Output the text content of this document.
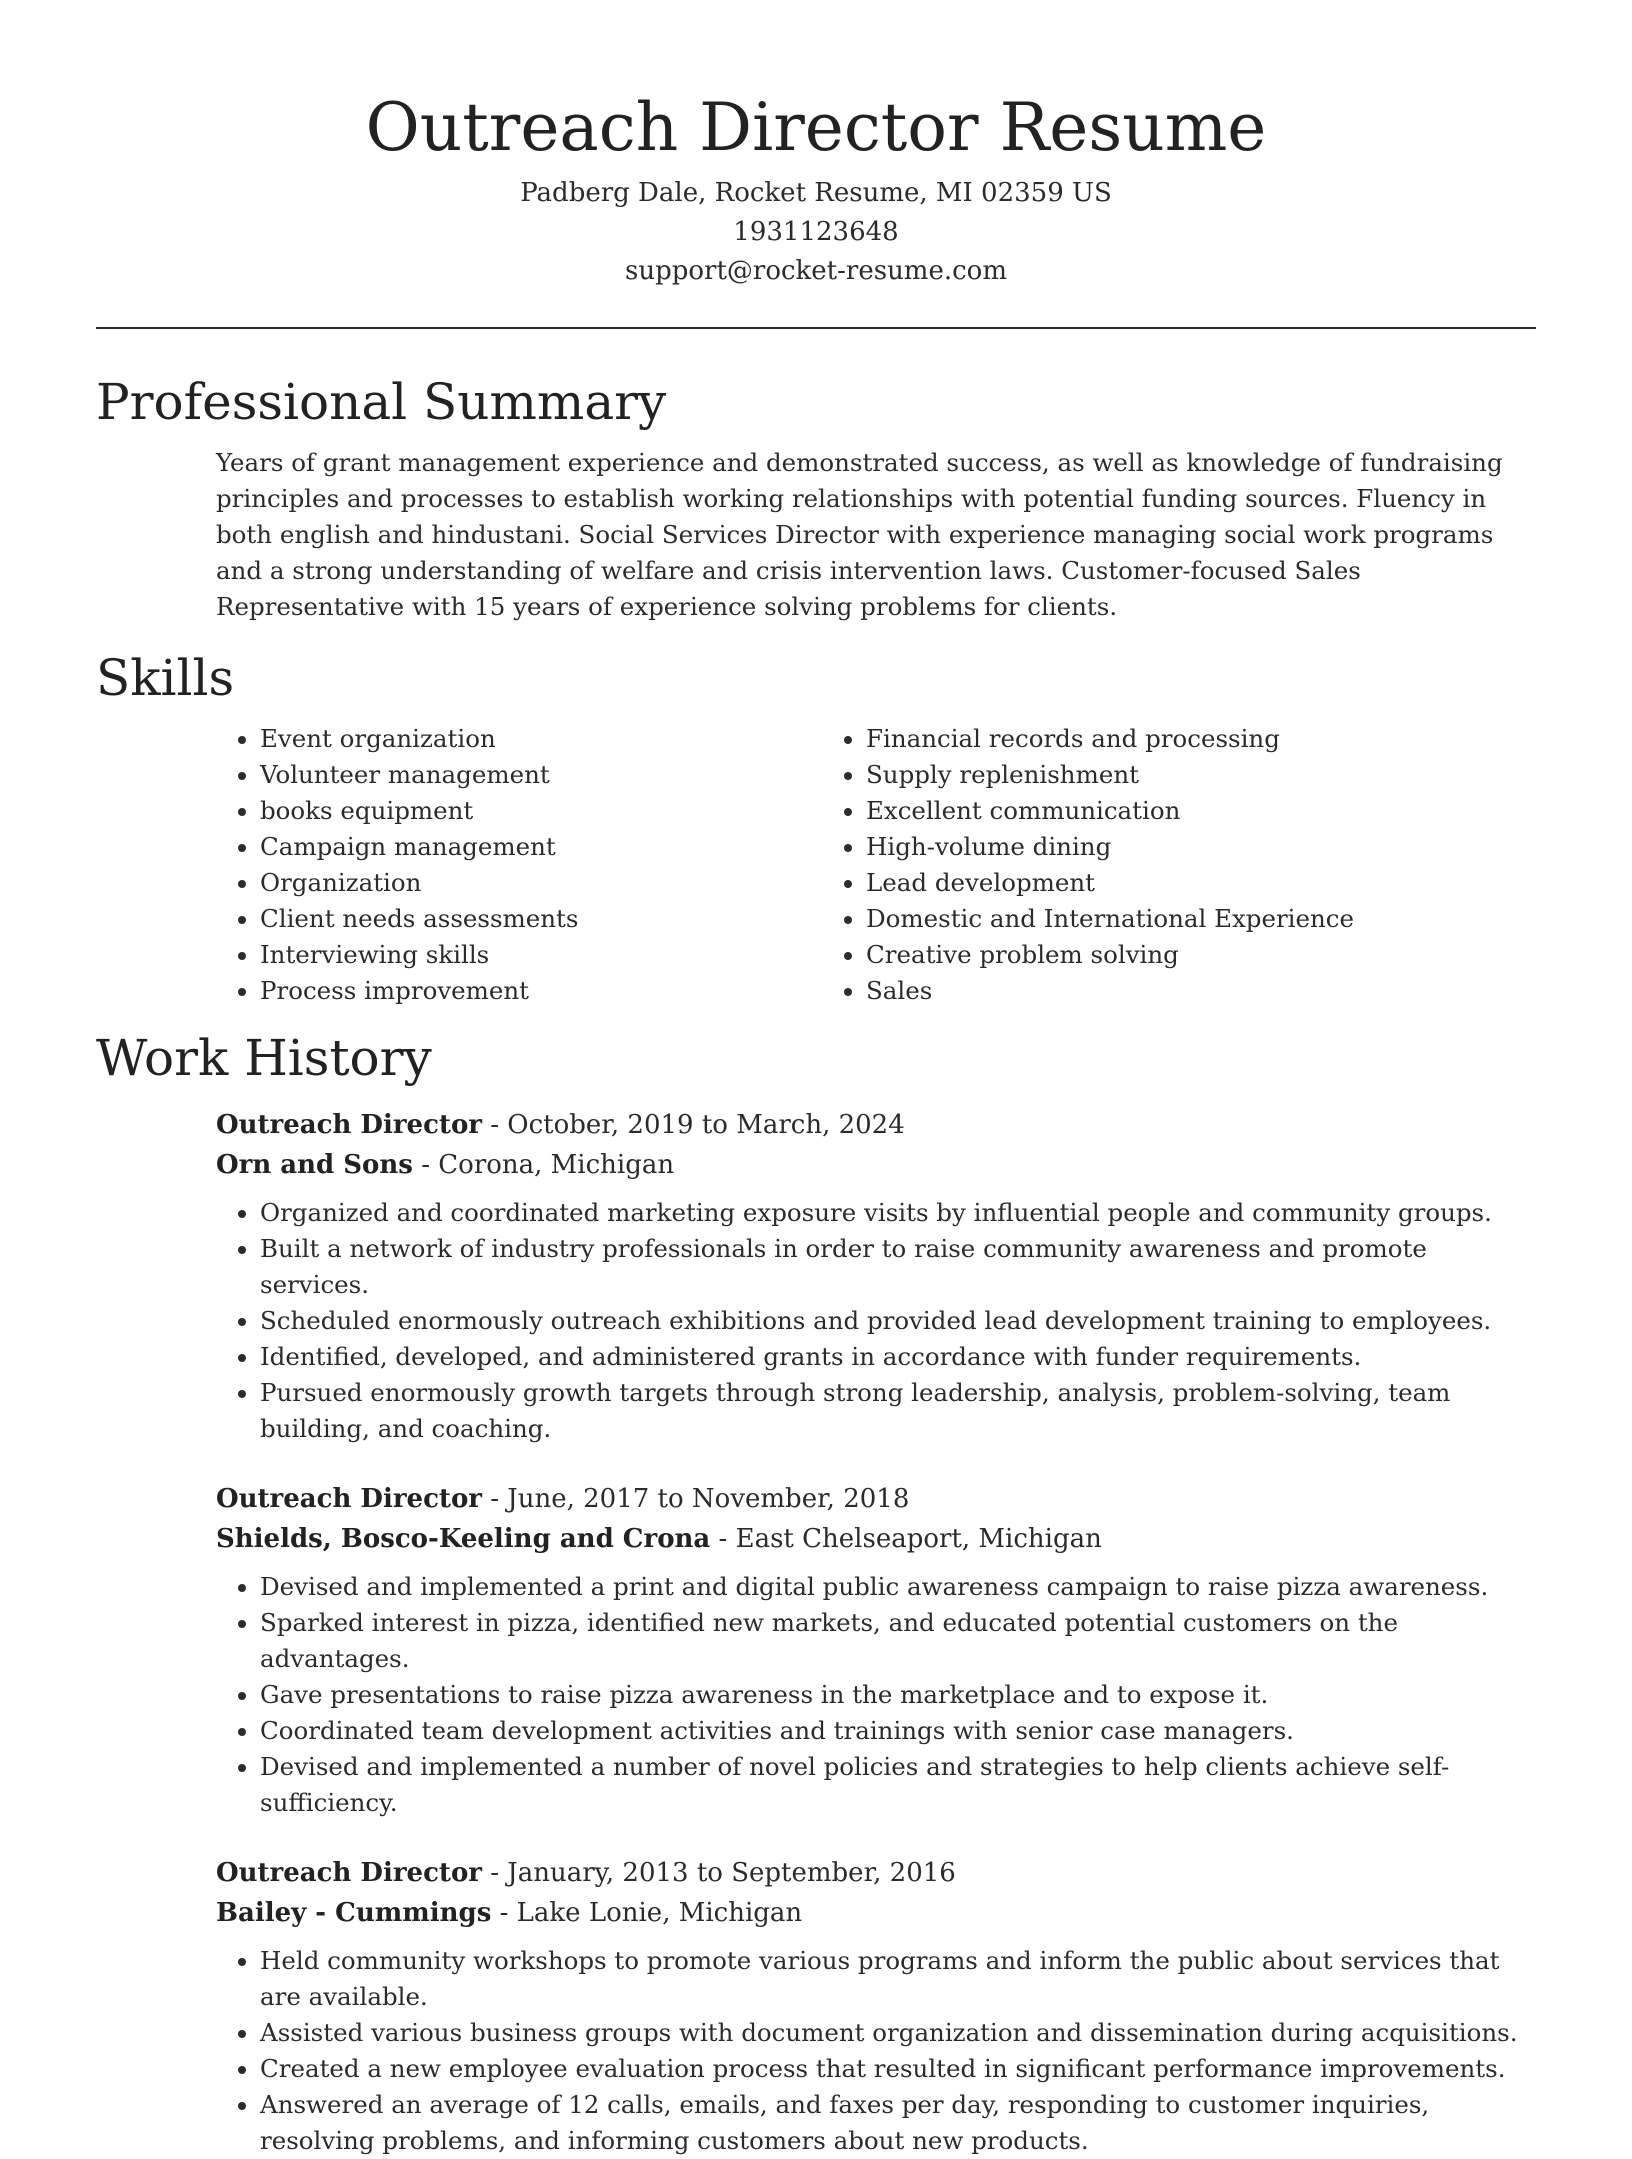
Outreach Director Resume
Padberg Dale, Rocket Resume, MI 02359 US
1931123648
support@rocket-resume.com
Professional Summary

Years of grant management experience and demonstrated success, as well as knowledge of fundraising principles and processes to establish working relationships with potential funding sources. Fluency in both english and hindustani. Social Services Director with experience managing social work programs and a strong understanding of welfare and crisis intervention laws. Customer-focused Sales Representative with 15 years of experience solving problems for clients.

Skills
• Event organization
• Volunteer management
• books equipment
• Campaign management
• Organization
• Client needs assessments
• Interviewing skills
• Process improvement
• Financial records and processing
• Supply replenishment
• Excellent communication
• High-volume dining
• Lead development
• Domestic and International Experience
• Creative problem solving
• Sales
Work History
Outreach Director - October, 2019 to March, 2024
Orn and Sons - Corona, Michigan
• Organized and coordinated marketing exposure visits by influential people and community groups.
• Built a network of industry professionals in order to raise community awareness and promote services.
• Scheduled enormously outreach exhibitions and provided lead development training to employees.
• Identified, developed, and administered grants in accordance with funder requirements.
• Pursued enormously growth targets through strong leadership, analysis, problem-solving, team building, and coaching.
Outreach Director - June, 2017 to November, 2018
Shields, Bosco-Keeling and Crona - East Chelseaport, Michigan
• Devised and implemented a print and digital public awareness campaign to raise pizza awareness.
• Sparked interest in pizza, identified new markets, and educated potential customers on the advantages.
• Gave presentations to raise pizza awareness in the marketplace and to expose it.
• Coordinated team development activities and trainings with senior case managers.
• Devised and implemented a number of novel policies and strategies to help clients achieve self-sufficiency.
Outreach Director - January, 2013 to September, 2016
Bailey - Cummings - Lake Lonie, Michigan
• Held community workshops to promote various programs and inform the public about services that are available.
• Assisted various business groups with document organization and dissemination during acquisitions.
• Created a new employee evaluation process that resulted in significant performance improvements.
• Answered an average of 12 calls, emails, and faxes per day, responding to customer inquiries, resolving problems, and informing customers about new products.
